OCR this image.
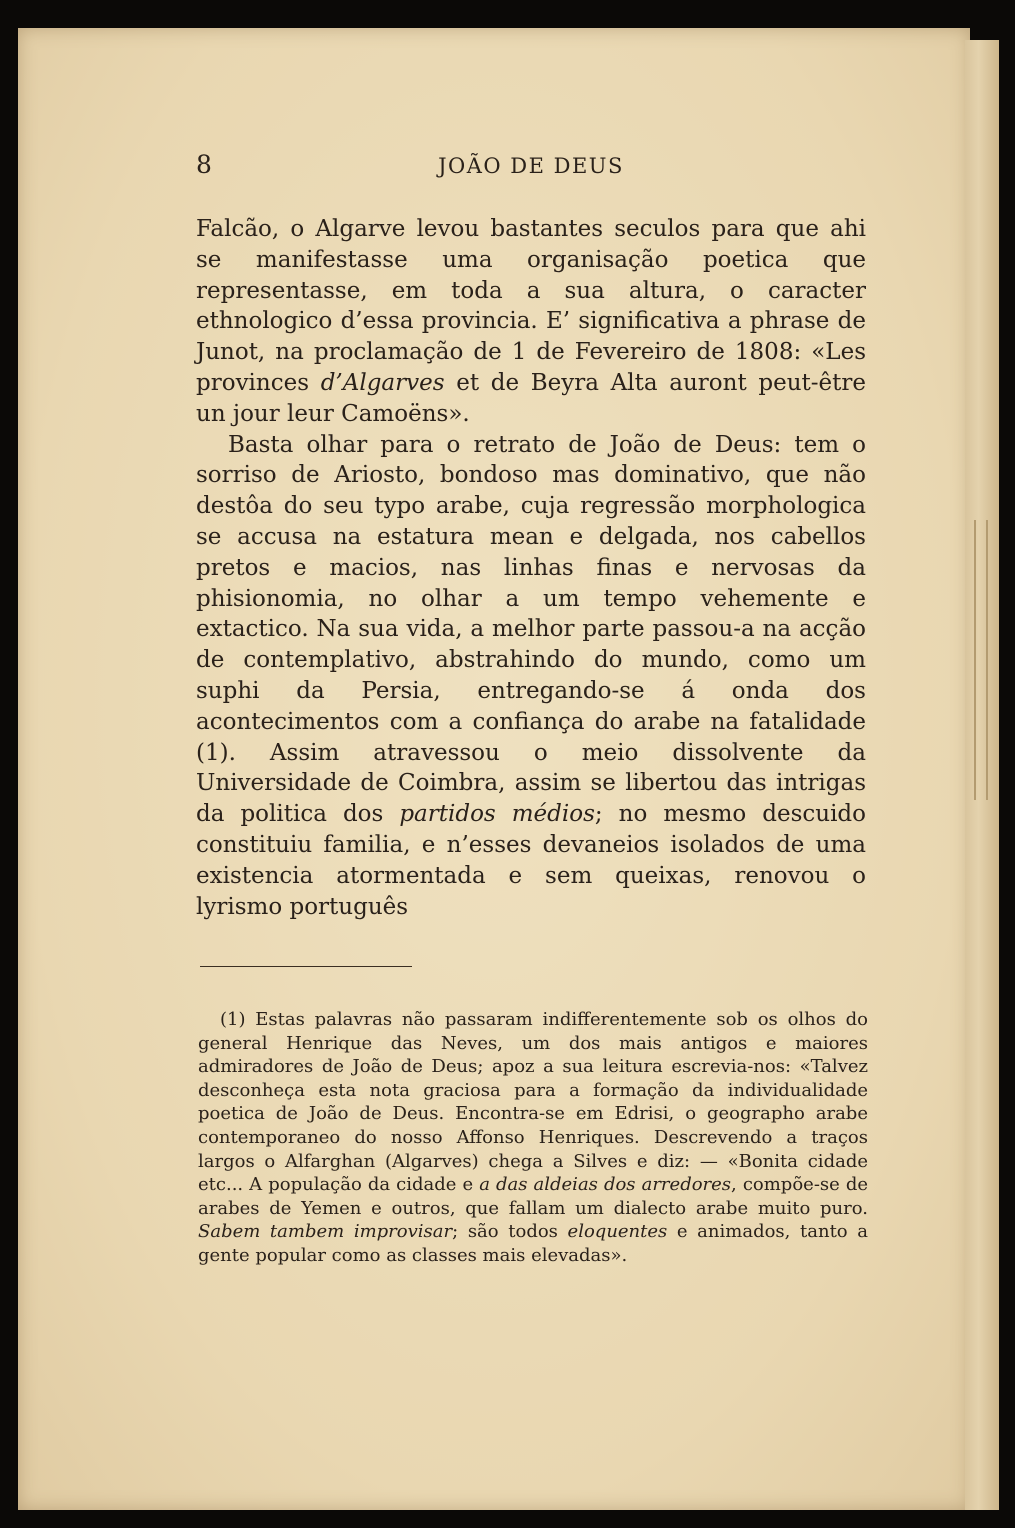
8	JOÃO DE DEUS

Falcão, o Algarve levou bastantes seculos para que ahi se manifestasse uma organisação poetica que representasse, em toda a sua altura, o caracter ethnologico d’essa provincia. E’ significativa a phrase de Junot, na proclamação de 1 de Fevereiro de 1808: «Les provinces d’Algarves et de Beyra Alta auront peut-être un jour leur Camoëns».

Basta olhar para o retrato de João de Deus: tem o sorriso de Ariosto, bondoso mas dominativo, que não destôa do seu typo arabe, cuja regressão morphologica se accusa na estatura mean e delgada, nos cabellos pretos e macios, nas linhas finas e nervosas da phisionomia, no olhar a um tempo vehemente e extactico. Na sua vida, a melhor parte passou-a na acção de contemplativo, abstrahindo do mundo, como um suphi da Persia, entregando-se á onda dos acontecimentos com a confiança do arabe na fatalidade (1). Assim atravessou o meio dissolvente da Universidade de Coimbra, assim se libertou das intrigas da politica dos partidos médios; no mesmo descuido constituiu familia, e n’esses devaneios isolados de uma existencia atormentada e sem queixas, renovou o lyrismo português

(1) Estas palavras não passaram indifferentemente sob os olhos do general Henrique das Neves, um dos mais antigos e maiores admiradores de João de Deus; apoz a sua leitura escrevia-nos: «Talvez desconheça esta nota graciosa para a formação da individualidade poetica de João de Deus. Encontra-se em Edrisi, o geographo arabe contemporaneo do nosso Affonso Henriques. Descrevendo a traços largos o Alfarghan (Algarves) chega a Silves e diz: — «Bonita cidade etc... A população da cidade e a das aldeias dos arredores, compõe-se de arabes de Yemen e outros, que fallam um dialecto arabe muito puro. Sabem tambem improvisar; são todos eloquentes e animados, tanto a gente popular como as classes mais elevadas».
